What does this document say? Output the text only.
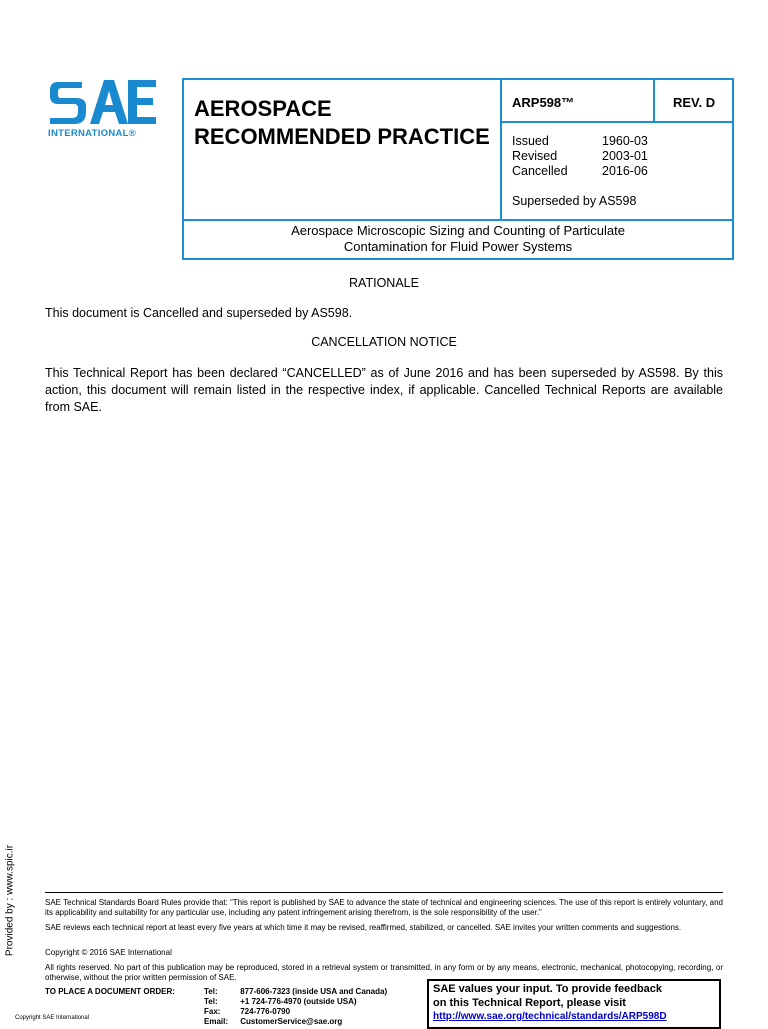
INTERNATIONAL®
AEROSPACE
RECOMMENDED PRACTICE
ARP598™	REV. D
Issued	1960-03
Revised	2003-01
Cancelled	2016-06
Superseded by AS598
Aerospace Microscopic Sizing and Counting of Particulate
Contamination for Fluid Power Systems
RATIONALE
This document is Cancelled and superseded by AS598.
CANCELLATION NOTICE
This Technical Report has been declared “CANCELLED” as of June 2016 and has been superseded by AS598. By this action, this document will remain listed in the respective index, if applicable. Cancelled Technical Reports are available from SAE.
Provided by : www.spic.ir	SAE Technical Standards Board Rules provide that: “This report is published by SAE to advance the state of technical and engineering sciences. The use of this report is entirely voluntary, and its applicability and suitability for any particular use, including any patent infringement arising therefrom, is the sole responsibility of the user.”
SAE reviews each technical report at least every five years at which time it may be revised, reaffirmed, stabilized, or cancelled. SAE invites your written comments and suggestions.
Copyright © 2016 SAE International
All rights reserved. No part of this publication may be reproduced, stored in a retrieval system or transmitted, in any form or by any means, electronic, mechanical, photocopying, recording, or otherwise, without the prior written permission of SAE.
TO PLACE A DOCUMENT ORDER:	Tel:	877-606-7323 (inside USA and Canada)
Tel:	+1 724-776-4970 (outside USA)
Fax: 724-776-0790
Email: CustomerService@sae.org
SAE values your input. To provide feedback
on this Technical Report, please visit
http://www.sae.org/technical/standards/ARP598D
Copyright SAE International
